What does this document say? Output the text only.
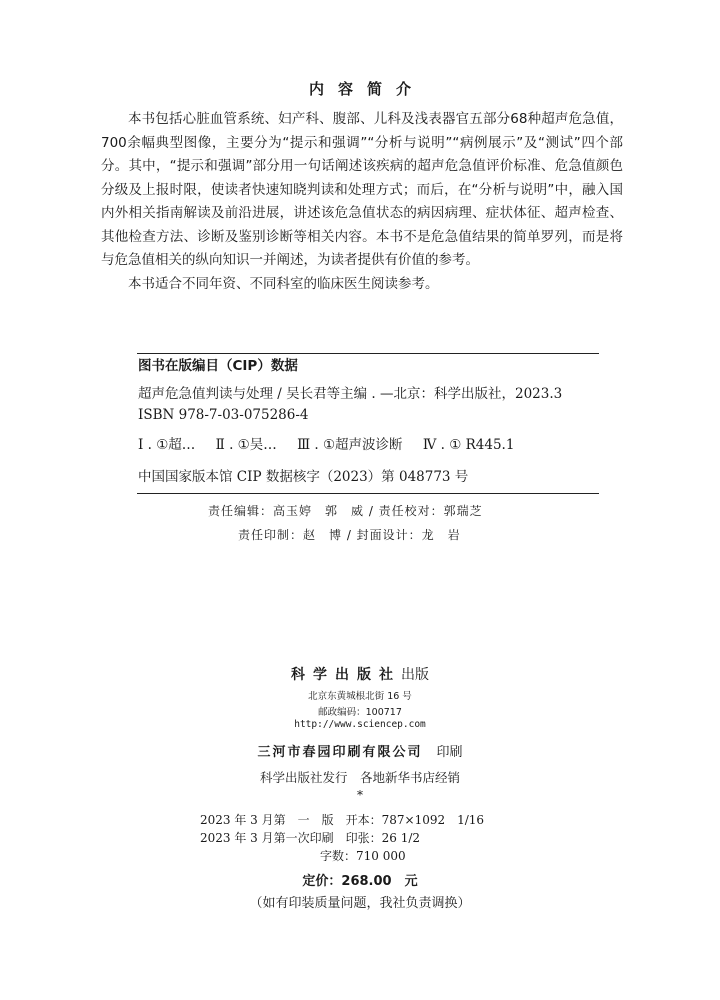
内容简介

本书包括心脏血管系统、妇产科、腹部、儿科及浅表器官五部分68种超声危急值，700余幅典型图像，主要分为“提示和强调”“分析与说明”“病例展示”及“测试”四个部分。其中，“提示和强调”部分用一句话阐述该疾病的超声危急值评价标准、危急值颜色分级及上报时限，使读者快速知晓判读和处理方式；而后，在“分析与说明”中，融入国内外相关指南解读及前沿进展，讲述该危急值状态的病因病理、症状体征、超声检查、其他检查方法、诊断及鉴别诊断等相关内容。本书不是危急值结果的简单罗列，而是将与危急值相关的纵向知识一并阐述，为读者提供有价值的参考。

本书适合不同年资、不同科室的临床医生阅读参考。

图书在版编目（CIP）数据
超声危急值判读与处理 / 吴长君等主编 . —北京：科学出版社，2023.3
ISBN 978-7-03-075286-4
Ⅰ . ①超… Ⅱ . ①吴… Ⅲ . ①超声波诊断 Ⅳ . ① R445.1
中国国家版本馆 CIP 数据核字（2023）第 048773 号
责任编辑：高玉婷　郭　威 / 责任校对：郭瑞芝
责任印制：赵　博 / 封面设计：龙　岩
科学出版社出版
北京东黄城根北街 16 号
邮政编码：100717
http://www.sciencep.com
三河市春园印刷有限公司 印刷
科学出版社发行　各地新华书店经销
*
2023 年 3 月第　一　版　开本：787×1092　1/16
2023 年 3 月第一次印刷　印张：26 1/2
字数：710 000
定价：268.00　元
（如有印装质量问题，我社负责调换）
